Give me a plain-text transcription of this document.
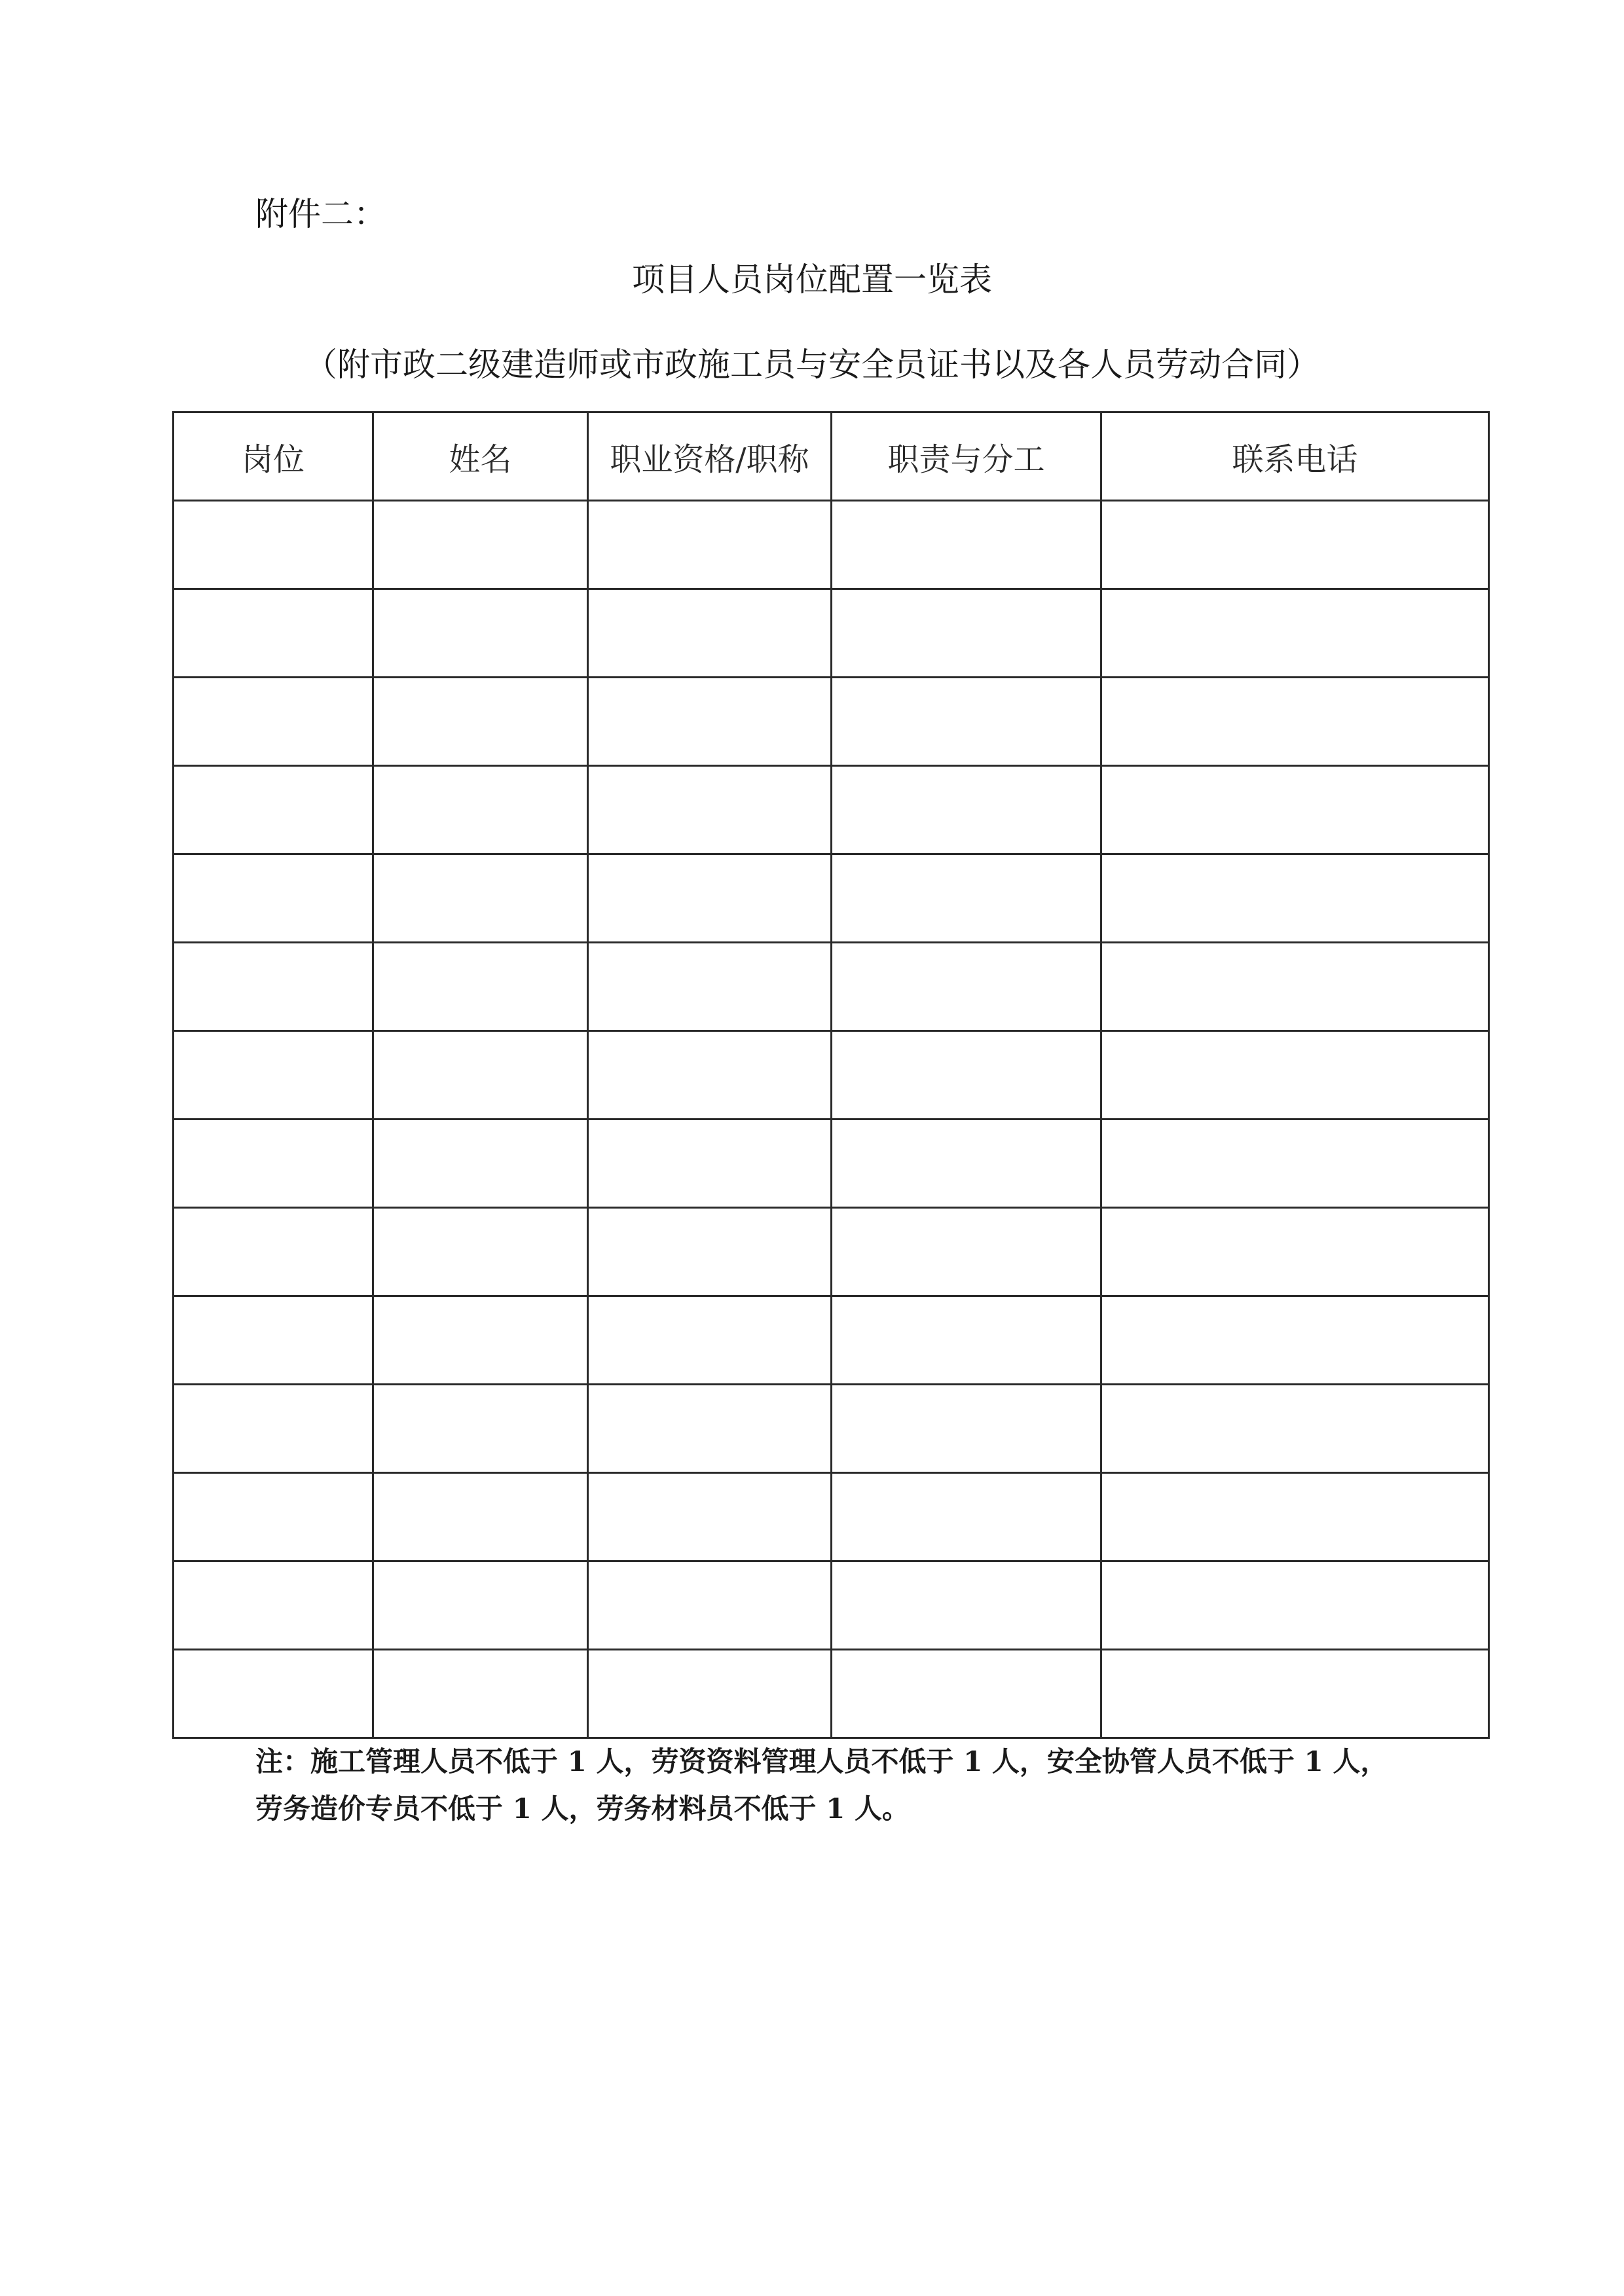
附件二：
项目人员岗位配置一览表
（附市政二级建造师或市政施工员与安全员证书以及各人员劳动合同）
岗位	姓名	职业资格/职称	职责与分工	联系电话

注：施工管理人员不低于 1 人，劳资资料管理人员不低于 1 人，安全协管人员不低于 1 人，

劳务造价专员不低于 1 人，劳务材料员不低于 1 人。
